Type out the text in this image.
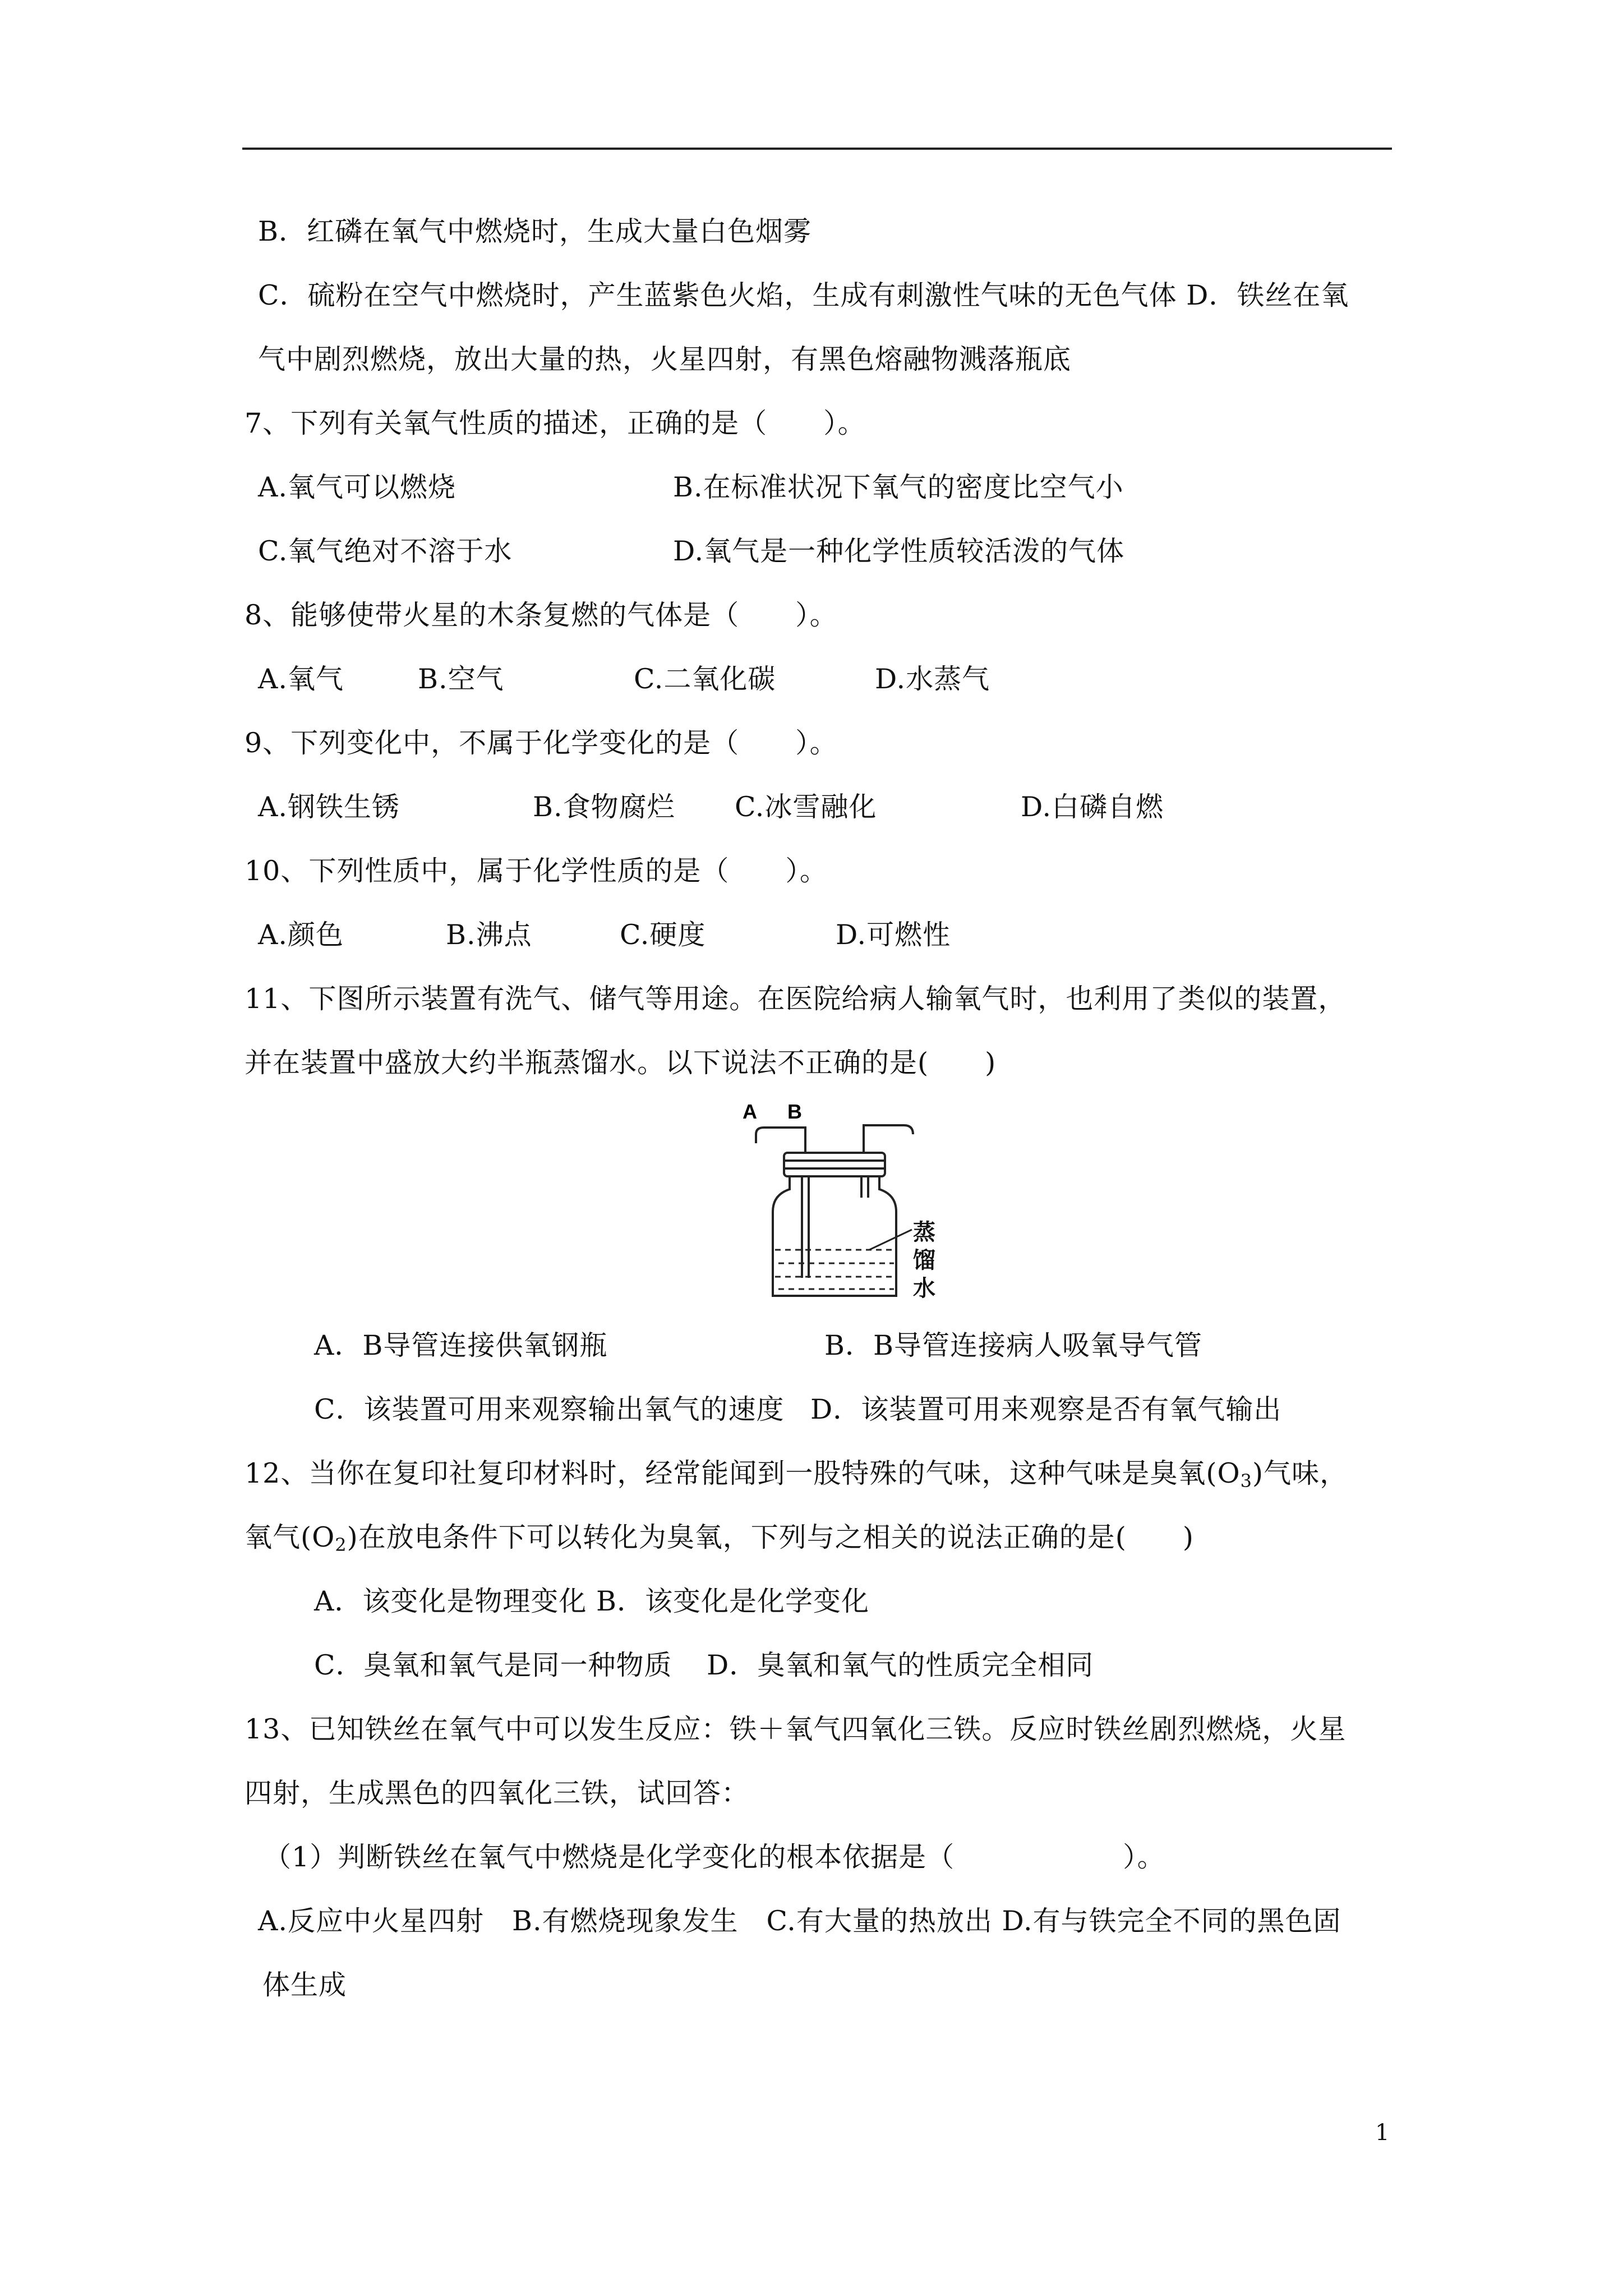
B．红磷在氧气中燃烧时，生成大量白色烟雾
C．硫粉在空气中燃烧时，产生蓝紫色火焰，生成有刺激性气味的无色气体 D．铁丝在氧
气中剧烈燃烧，放出大量的热，火星四射，有黑色熔融物溅落瓶底
7、下列有关氧气性质的描述，正确的是（　　）。
A.氧气可以燃烧	B.在标准状况下氧气的密度比空气小
C.氧气绝对不溶于水	D.氧气是一种化学性质较活泼的气体
8、能够使带火星的木条复燃的气体是（　　）。
A.氧气	B.空气	C.二氧化碳	D.水蒸气
9、下列变化中，不属于化学变化的是（　　）。
A.钢铁生锈	B.食物腐烂 C.冰雪融化	D.白磷自燃
10、下列性质中，属于化学性质的是（　　）。
A.颜色	B.沸点	C.硬度	D.可燃性
11、下图所示装置有洗气、储气等用途。在医院给病人输氧气时，也利用了类似的装置，
并在装置中盛放大约半瓶蒸馏水。以下说法不正确的是(　　)
A B
蒸馏水
A．B导管连接供氧钢瓶	B．B导管连接病人吸氧导气管
C．该装置可用来观察输出氧气的速度 D．该装置可用来观察是否有氧气输出
12、当你在复印社复印材料时，经常能闻到一股特殊的气味，这种气味是臭氧$(O_3)$气味，
氧气$(O_2)$在放电条件下可以转化为臭氧，下列与之相关的说法正确的是(　　)
A．该变化是物理变化 B．该变化是化学变化
C．臭氧和氧气是同一种物质 D．臭氧和氧气的性质完全相同
13、已知铁丝在氧气中可以发生反应：铁＋氧气四氧化三铁。反应时铁丝剧烈燃烧，火星
四射，生成黑色的四氧化三铁，试回答：
（1）判断铁丝在氧气中燃烧是化学变化的根本依据是（　　　　　　）。
A.反应中火星四射　B.有燃烧现象发生　C.有大量的热放出 D.有与铁完全不同的黑色固
体生成
1
